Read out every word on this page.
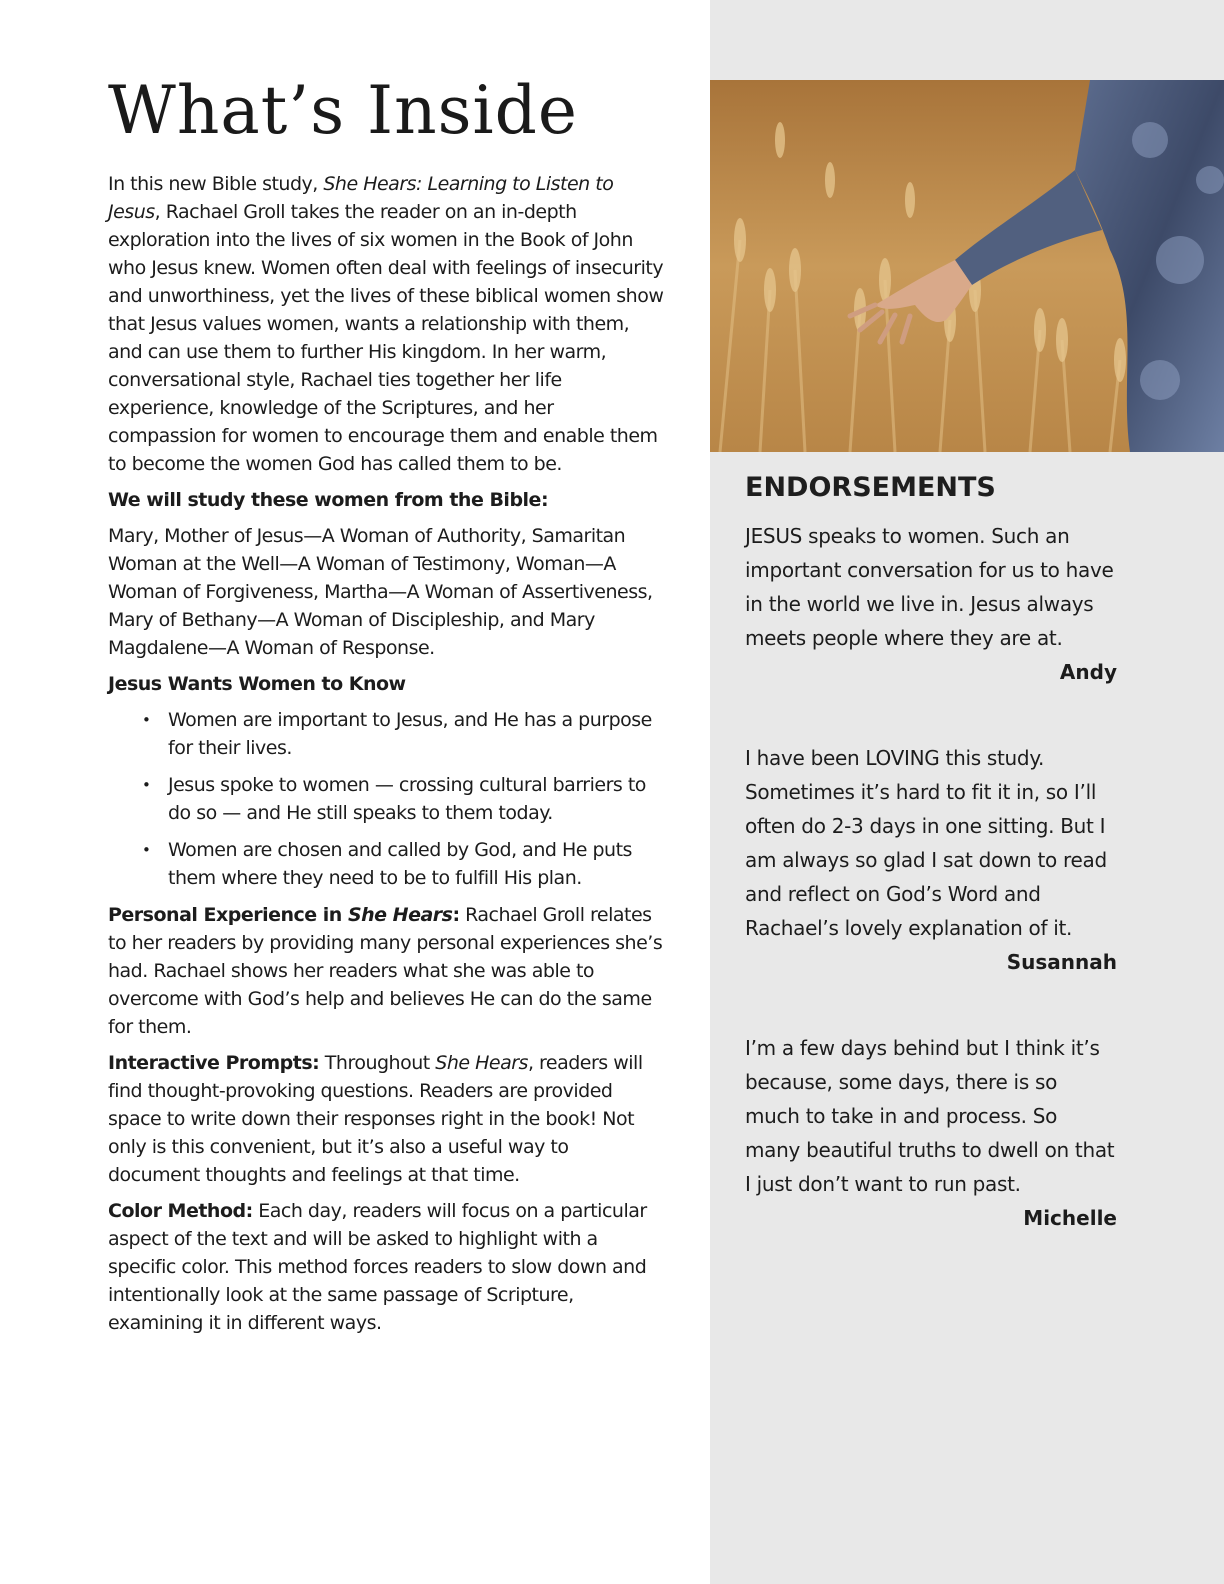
What’s Inside

In this new Bible study, She Hears: Learning to Listen to Jesus, Rachael Groll takes the reader on an in-depth exploration into the lives of six women in the Book of John who Jesus knew. Women often deal with feelings of insecurity and unworthiness, yet the lives of these biblical women show that Jesus values women, wants a relationship with them, and can use them to further His kingdom. In her warm, conversational style, Rachael ties together her life experience, knowledge of the Scriptures, and her compassion for women to encourage them and enable them to become the women God has called them to be.

We will study these women from the Bible:

Mary, Mother of Jesus—A Woman of Authority, Samaritan Woman at the Well—A Woman of Testimony, Woman—A Woman of Forgiveness, Martha—A Woman of Assertiveness, Mary of Bethany—A Woman of Discipleship, and Mary Magdalene—A Woman of Response.

Jesus Wants Women to Know

• Women are important to Jesus, and He has a purpose for their lives.
• Jesus spoke to women — crossing cultural barriers to do so — and He still speaks to them today.
• Women are chosen and called by God, and He puts them where they need to be to fulfill His plan.

Personal Experience in She Hears: Rachael Groll relates to her readers by providing many personal experiences she’s had. Rachael shows her readers what she was able to overcome with God’s help and believes He can do the same for them.

Interactive Prompts: Throughout She Hears, readers will find thought-provoking questions. Readers are provided space to write down their responses right in the book! Not only is this convenient, but it’s also a useful way to document thoughts and feelings at that time.

Color Method: Each day, readers will focus on a particular aspect of the text and will be asked to highlight with a specific color. This method forces readers to slow down and intentionally look at the same passage of Scripture, examining it in different ways.

ENDORSEMENTS

JESUS speaks to women. Such an important conversation for us to have in the world we live in. Jesus always meets people where they are at.

Andy

I have been LOVING this study. Sometimes it’s hard to fit it in, so I’ll often do 2-3 days in one sitting. But I am always so glad I sat down to read and reflect on God’s Word and Rachael’s lovely explanation of it.

Susannah

I’m a few days behind but I think it’s because, some days, there is so much to take in and process. So many beautiful truths to dwell on that I just don’t want to run past.

Michelle
